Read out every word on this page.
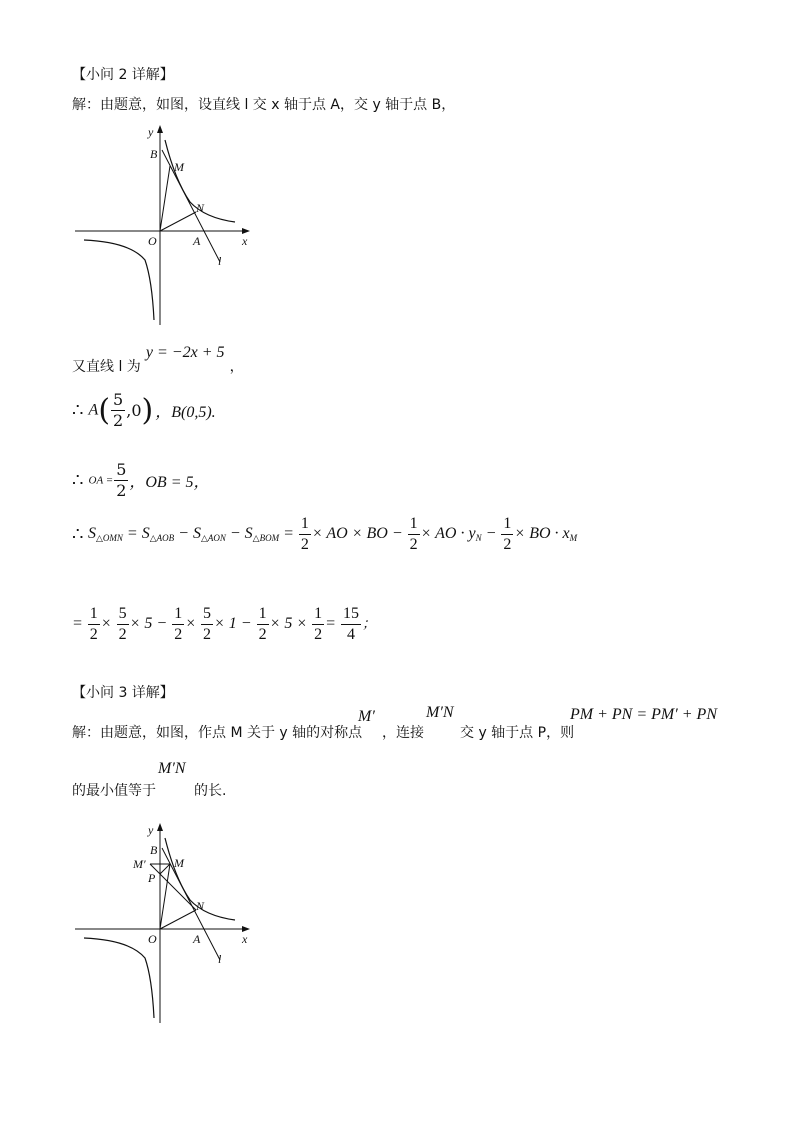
【小问 2 详解】
解：由题意，如图，设直线 l 交 x 轴于点 A，交 y 轴于点 B，
y
B
M
N
O	A	x
l
又直线 l 为 y = −2x + 5 ，
∴ $A( \frac{5}{2} ,0)$ ，B(0,5).
∴ OA = $\frac{5}{2}$ ，OB = 5，
∴ $S_{\triangle OMN} = S_{\triangle AOB} - S_{\triangle AON} - S_{\triangle BOM} = \frac{1}{2}$ × AO × BO − $\frac{1}{2}$ × AO · $y_N - \frac{1}{2}$ × BO · $x_M$
= $\frac{1}{2} \times \frac{5}{2} \times 5 - \frac{1}{2} \times \frac{5}{2} \times 1 - \frac{1}{2} \times 5 \times \frac{1}{2} = \frac{15}{4}$ ；
【小问 3 详解】
解：由题意，如图，作点 M 关于 y 轴的对称点
M′
，连接
M′N
交 y 轴于点 P，则
PM + PN = PM′ + PN
的最小值等于
M′N
的长.
y
B
M′ M
P
N
O	A	x
l
